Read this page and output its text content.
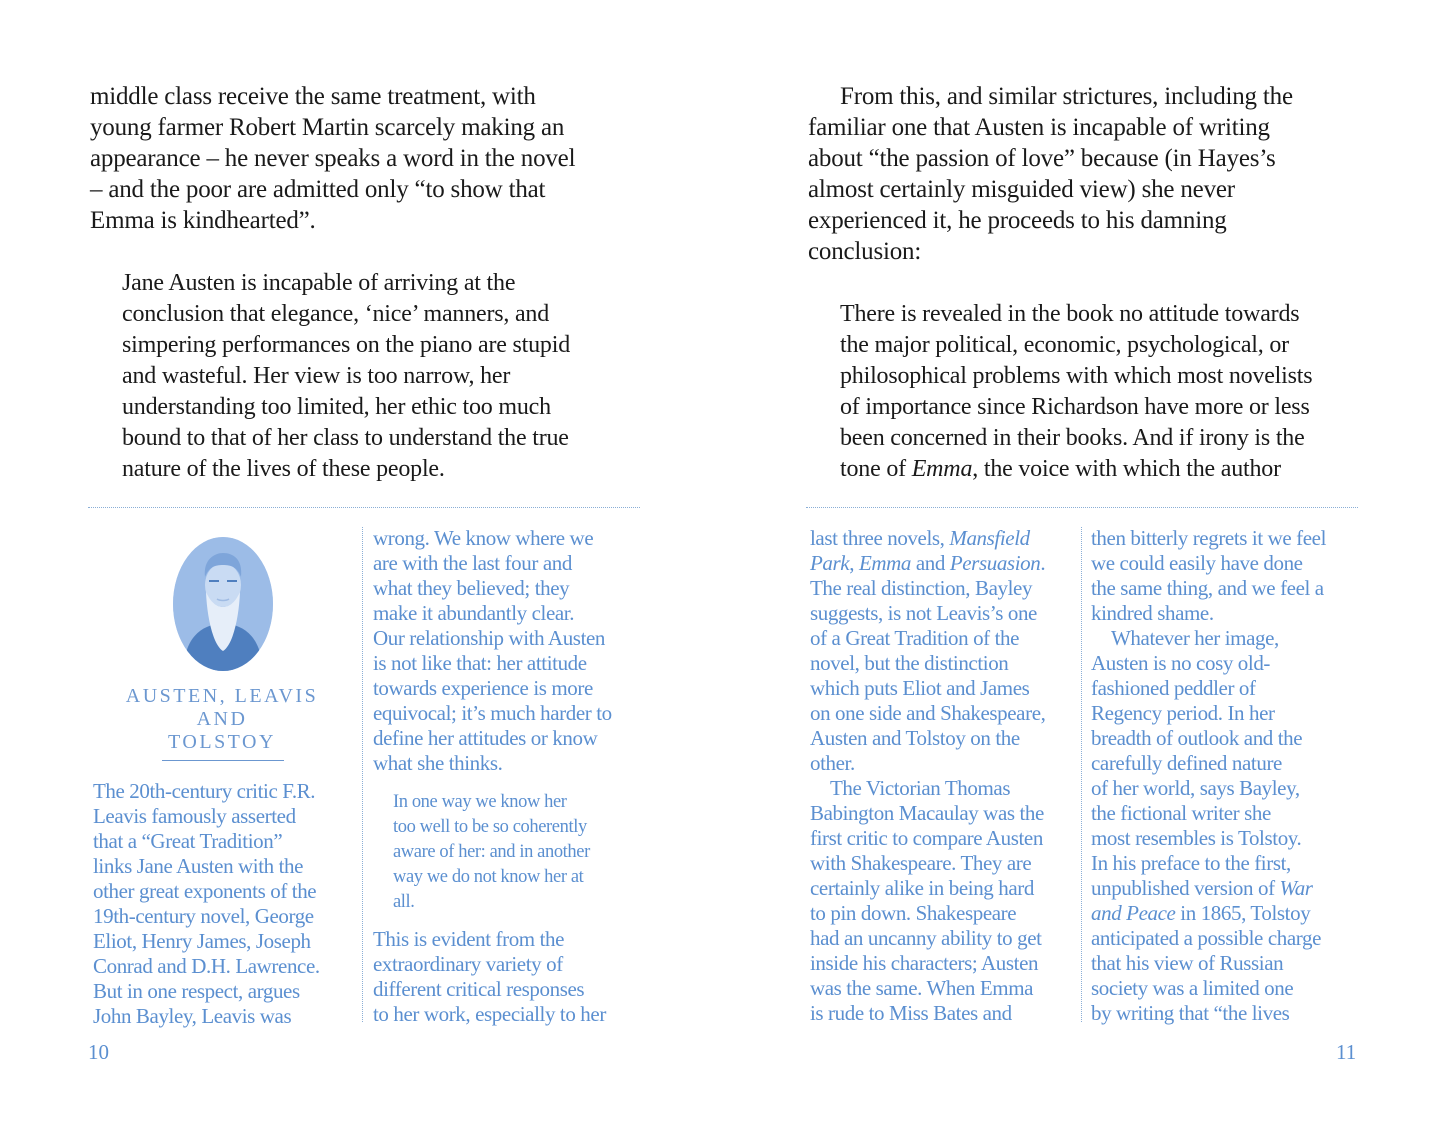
middle class receive the same treatment, with

young farmer Robert Martin scarcely making an

appearance – he never speaks a word in the novel

– and the poor are admitted only “to show that

Emma is kindhearted”.

Jane Austen is incapable of arriving at the

conclusion that elegance, ‘nice’ manners, and

simpering performances on the piano are stupid

and wasteful. Her view is too narrow, her

understanding too limited, her ethic too much

bound to that of her class to understand the true

nature of the lives of these people.

AUSTEN, LEAVIS
AND
TOLSTOY

The 20th-century critic F.R.

Leavis famously asserted

that a “Great Tradition”

links Jane Austen with the

other great exponents of the

19th-century novel, George

Eliot, Henry James, Joseph

Conrad and D.H. Lawrence.

But in one respect, argues

John Bayley, Leavis was

wrong. We know where we

are with the last four and

what they believed; they

make it abundantly clear.

Our relationship with Austen

is not like that: her attitude

towards experience is more

equivocal; it’s much harder to

define her attitudes or know

what she thinks.

In one way we know her
too well to be so coherently
aware of her: and in another
way we do not know her at
all.

This is evident from the

extraordinary variety of

different critical responses

to her work, especially to her

10

From this, and similar strictures, including the

familiar one that Austen is incapable of writing

about “the passion of love” because (in Hayes’s

almost certainly misguided view) she never

experienced it, he proceeds to his damning

conclusion:

There is revealed in the book no attitude towards

the major political, economic, psychological, or

philosophical problems with which most novelists

of importance since Richardson have more or less

been concerned in their books. And if irony is the

tone of Emma, the voice with which the author

last three novels, Mansfield

Park, Emma and Persuasion.

The real distinction, Bayley

suggests, is not Leavis’s one

of a Great Tradition of the

novel, but the distinction

which puts Eliot and James

on one side and Shakespeare,

Austen and Tolstoy on the

other.

The Victorian Thomas

Babington Macaulay was the

first critic to compare Austen

with Shakespeare. They are

certainly alike in being hard

to pin down. Shakespeare

had an uncanny ability to get

inside his characters; Austen

was the same. When Emma

is rude to Miss Bates and

then bitterly regrets it we feel

we could easily have done

the same thing, and we feel a

kindred shame.

Whatever her image,

Austen is no cosy old-

fashioned peddler of

Regency period. In her

breadth of outlook and the

carefully defined nature

of her world, says Bayley,

the fictional writer she

most resembles is Tolstoy.

In his preface to the first,

unpublished version of War

and Peace in 1865, Tolstoy

anticipated a possible charge

that his view of Russian

society was a limited one

by writing that “the lives

11
